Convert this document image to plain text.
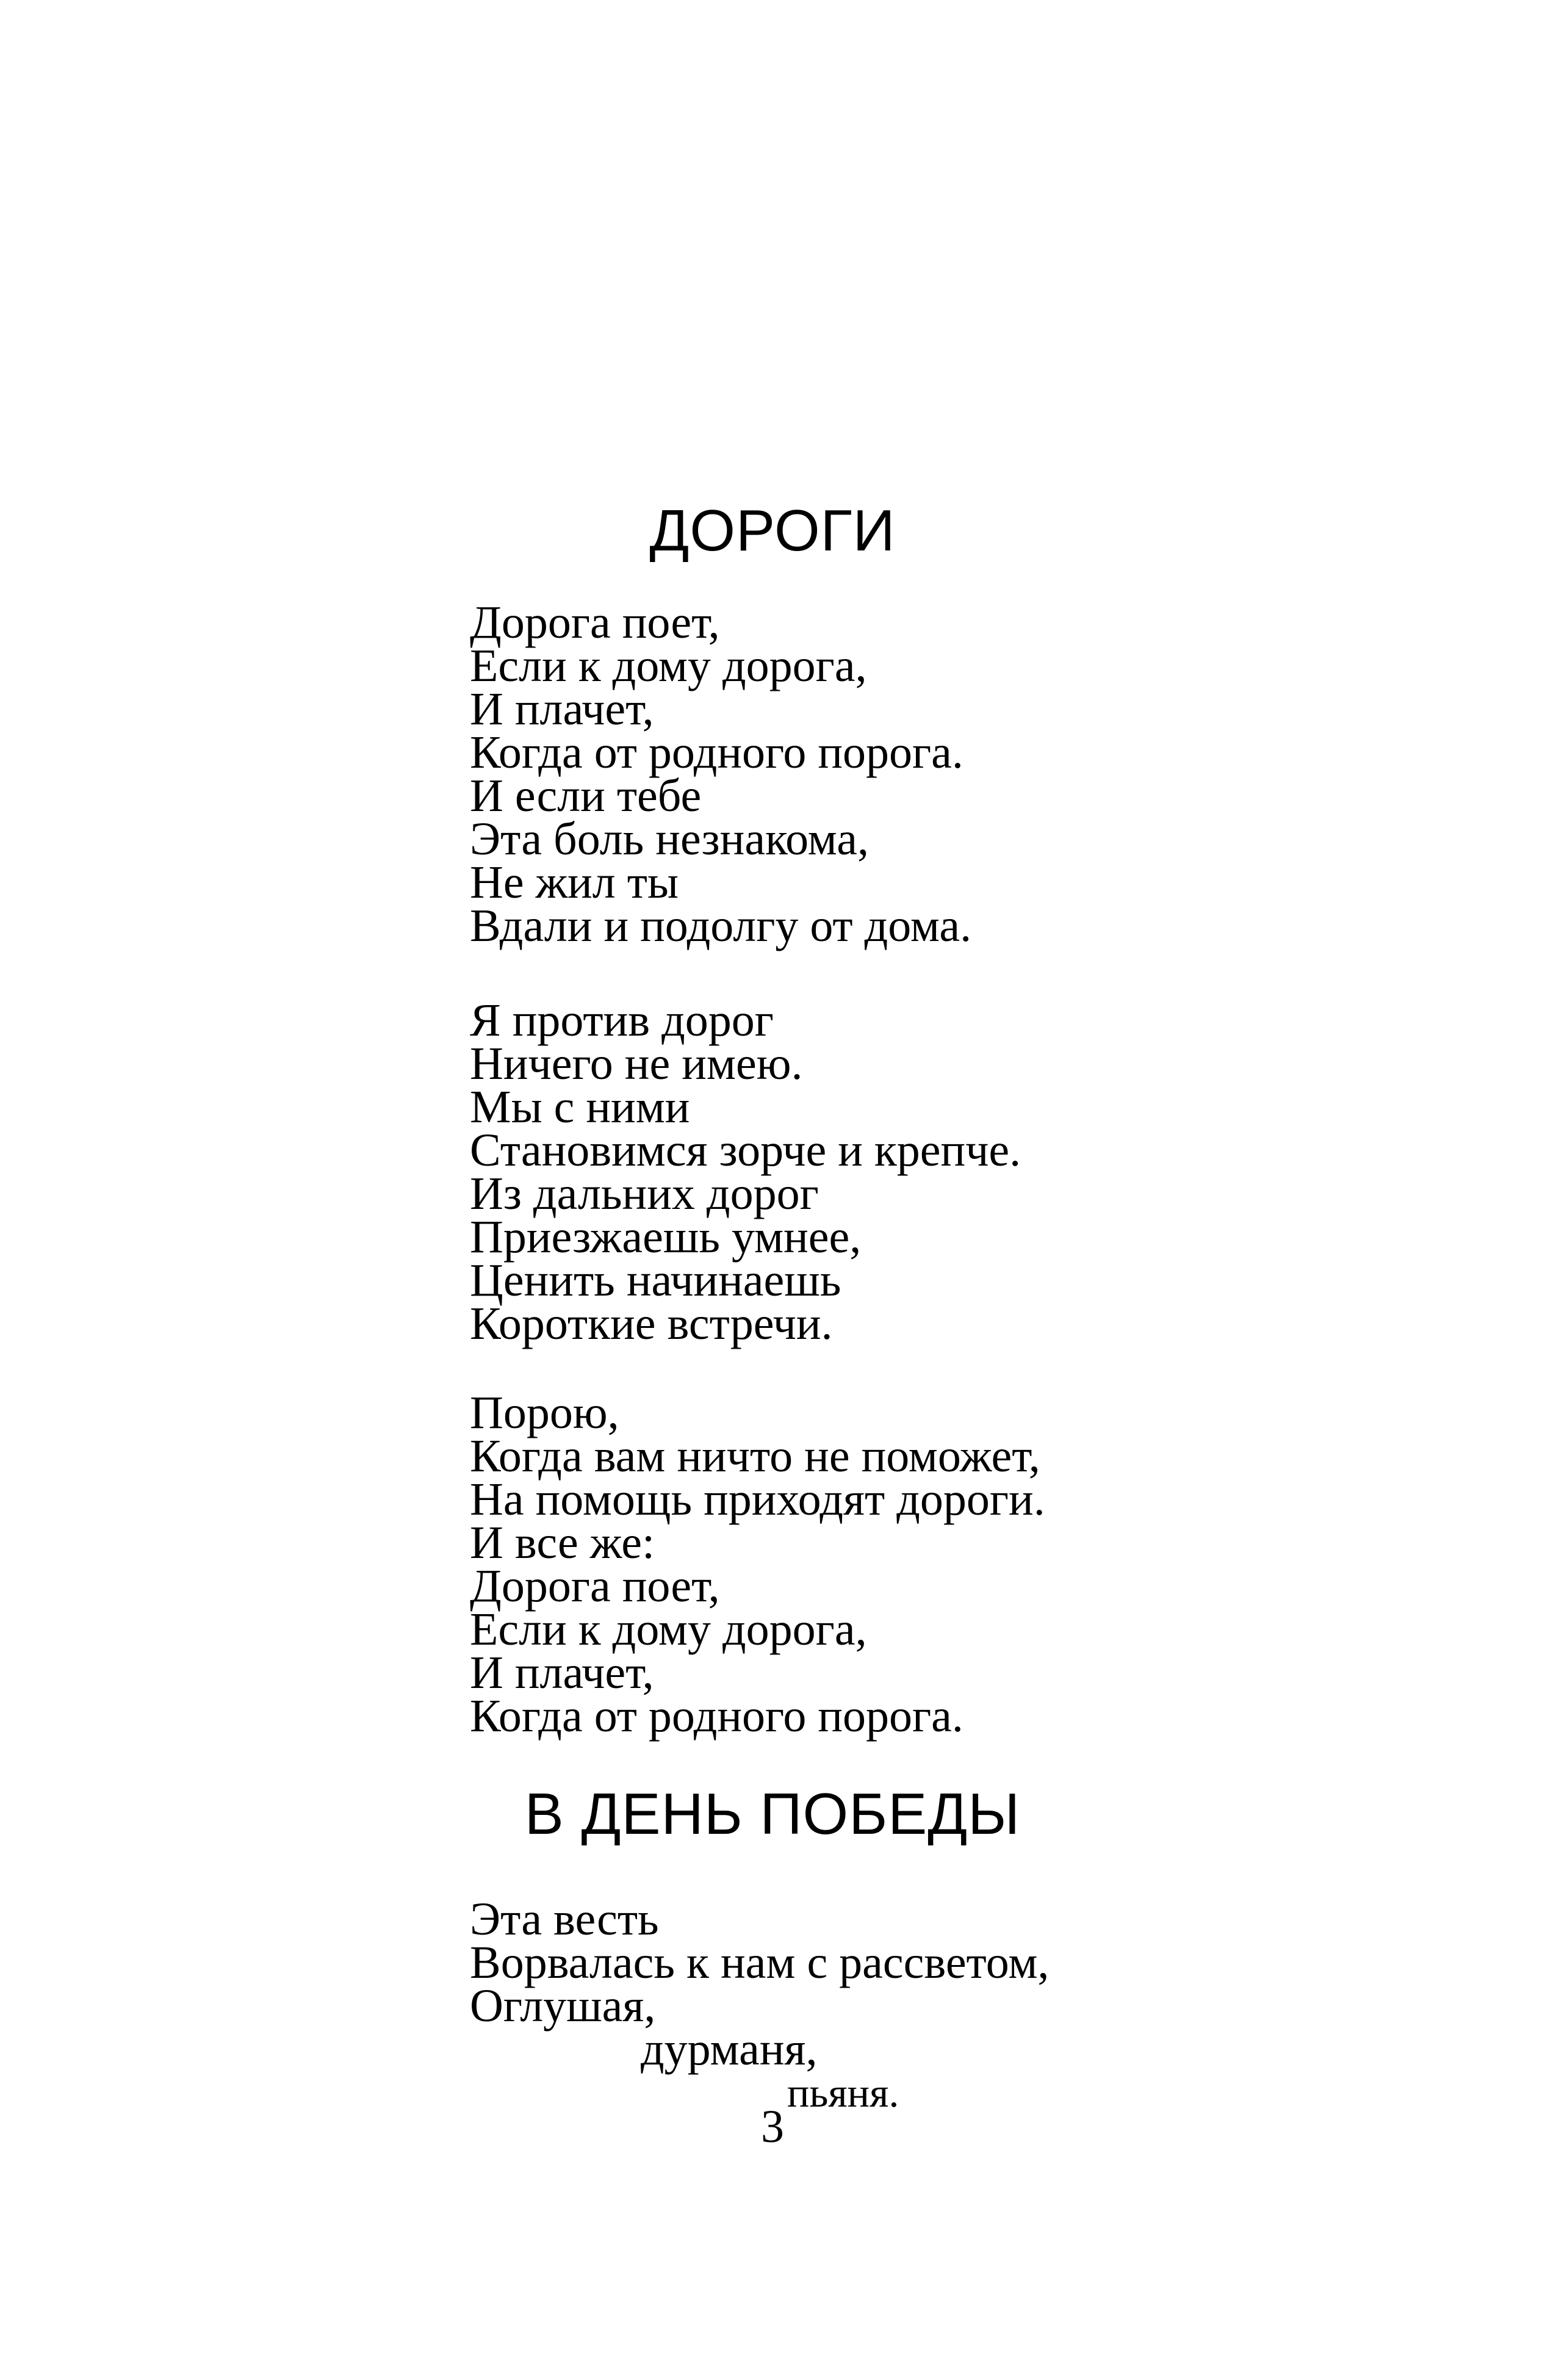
ДОРОГИ
Дорога поет,
Если к дому дорога,
И плачет,
Когда от родного порога.
И если тебе
Эта боль незнакома,
Не жил ты
Вдали и подолгу от дома.
Я против дорог
Ничего не имею.
Мы с ними
Становимся зорче и крепче.
Из дальних дорог
Приезжаешь умнее,
Ценить начинаешь
Короткие встречи.
Порою,
Когда вам ничто не поможет,
На помощь приходят дороги.
И все же:
Дорога поет,
Если к дому дорога,
И плачет,
Когда от родного порога.
В ДЕНЬ ПОБЕДЫ
Эта весть
Ворвалась к нам с рассветом,
Оглушая,
дурманя,
пьяня.
3
